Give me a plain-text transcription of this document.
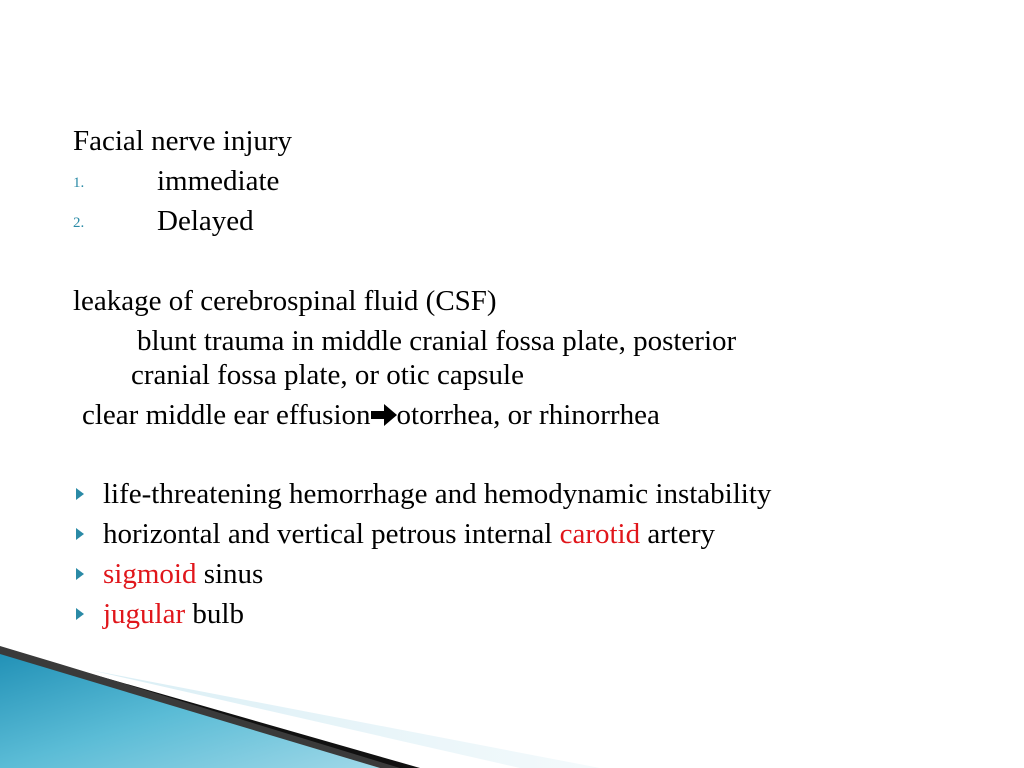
Facial nerve injury
1.	immediate
2.	Delayed
leakage of cerebrospinal fluid (CSF)
blunt trauma in middle cranial fossa plate, posterior
cranial fossa plate, or otic capsule
clear middle ear effusion otorrhea, or rhinorrhea
life-threatening hemorrhage and hemodynamic instability
horizontal and vertical petrous internal carotid artery
sigmoid sinus
jugular bulb
